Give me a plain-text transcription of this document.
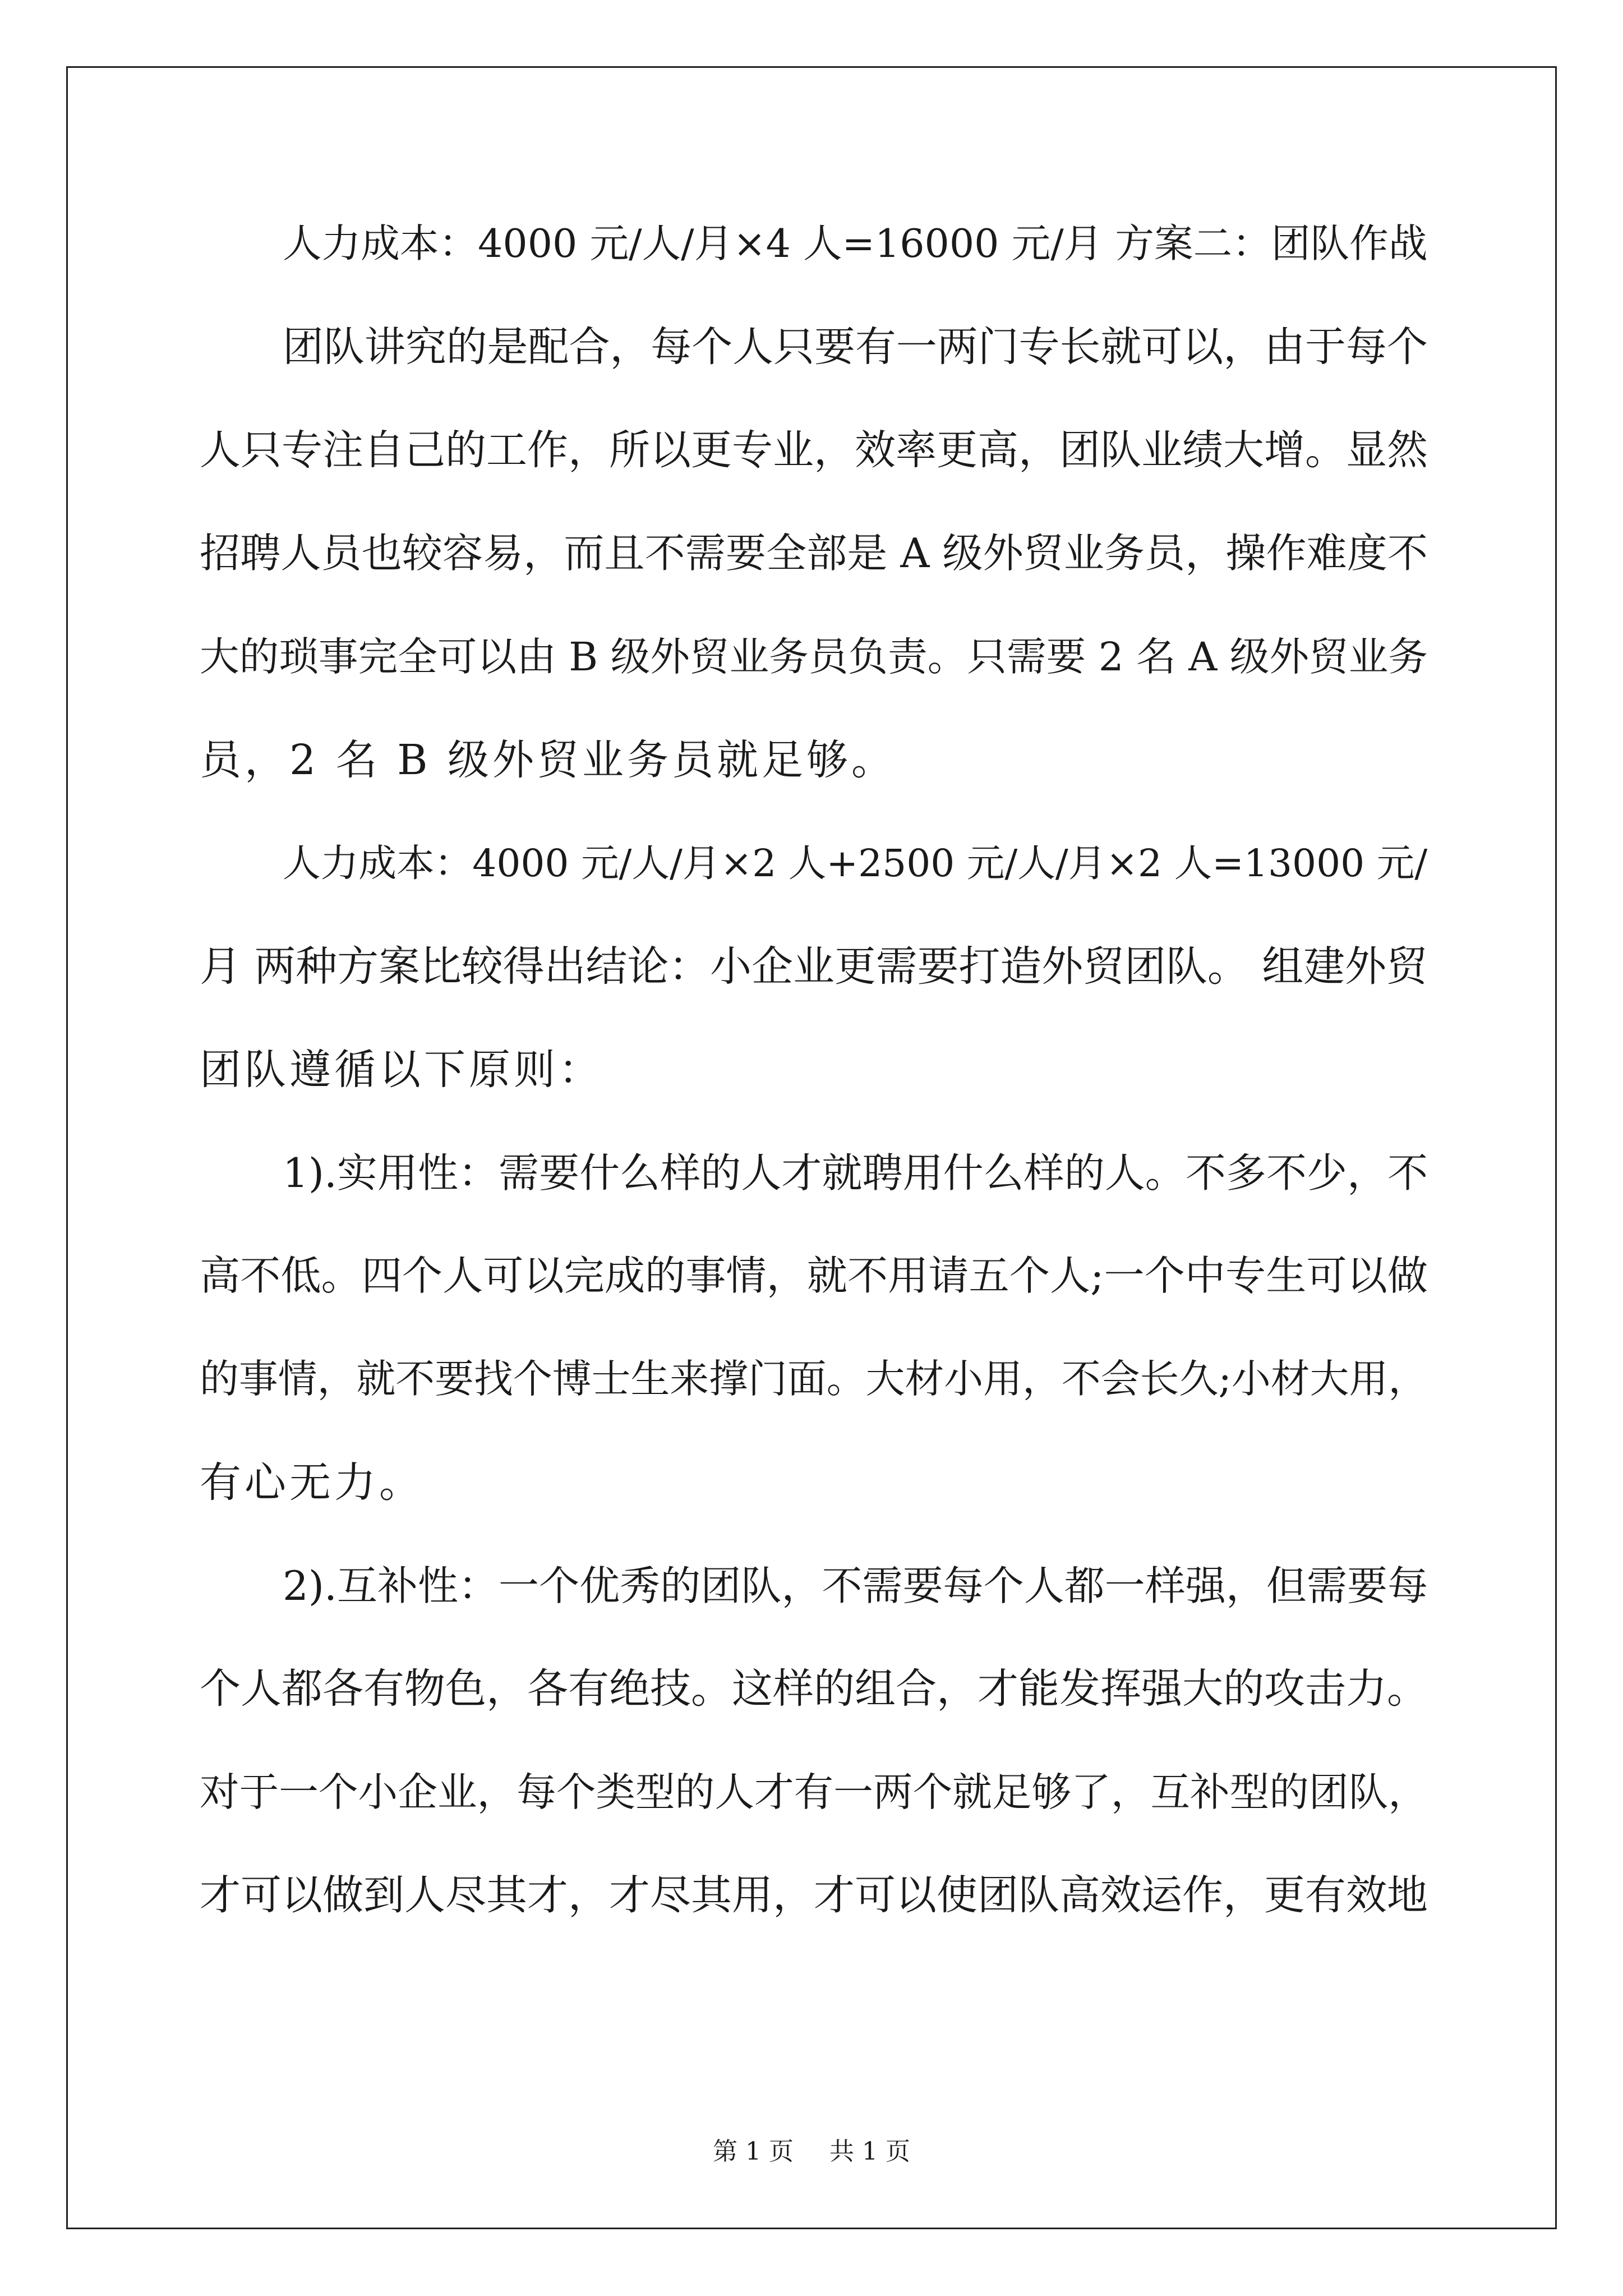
人力成本：4000 元/人/月×4 人=16000 元/月 方案二：团队作战
团队讲究的是配合，每个人只要有一两门专长就可以，由于每个
人只专注自己的工作，所以更专业，效率更高，团队业绩大增。显然
招聘人员也较容易，而且不需要全部是 A 级外贸业务员，操作难度不
大的琐事完全可以由 B 级外贸业务员负责。只需要 2 名 A 级外贸业务
员，2 名 B 级外贸业务员就足够。
人力成本：4000 元/人/月×2 人+2500 元/人/月×2 人=13000 元/
月 两种方案比较得出结论：小企业更需要打造外贸团队。 组建外贸
团队遵循以下原则：
1).实用性：需要什么样的人才就聘用什么样的人。不多不少，不
高不低。四个人可以完成的事情，就不用请五个人;一个中专生可以做
的事情，就不要找个博士生来撑门面。大材小用，不会长久;小材大用，
有心无力。
2).互补性：一个优秀的团队，不需要每个人都一样强，但需要每
个人都各有物色，各有绝技。这样的组合，才能发挥强大的攻击力。
对于一个小企业，每个类型的人才有一两个就足够了，互补型的团队，
才可以做到人尽其才，才尽其用，才可以使团队高效运作，更有效地
第 1 页 共 1 页
